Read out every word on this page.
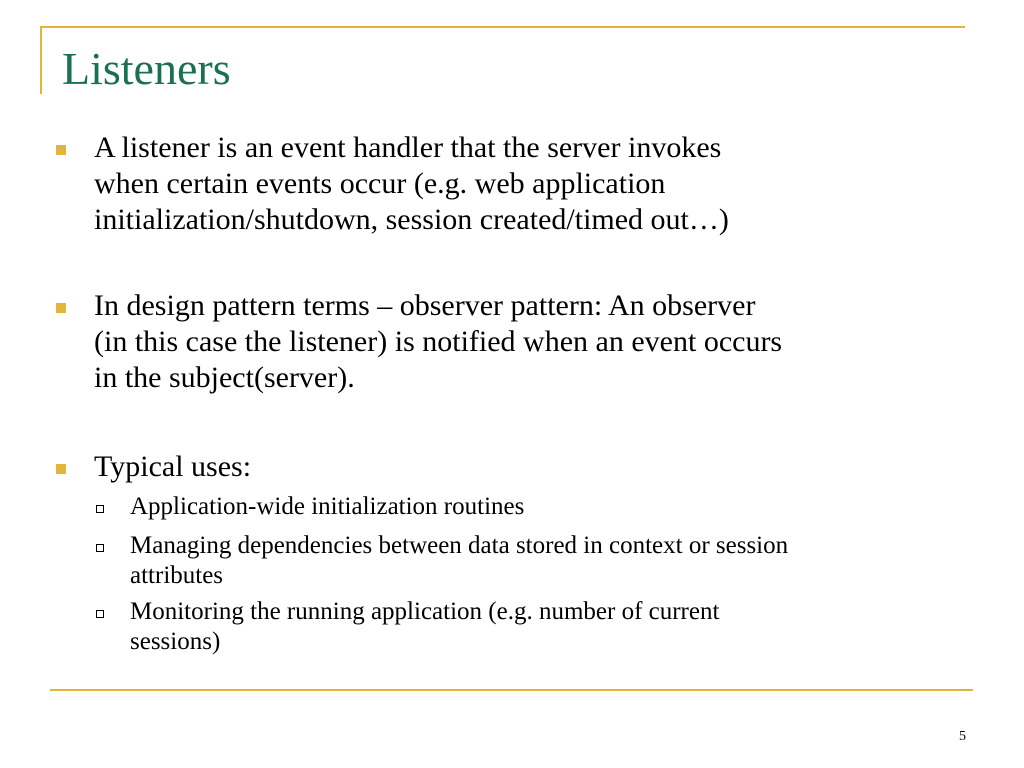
Listeners
A listener is an event handler that the server invokes
when certain events occur (e.g. web application
initialization/shutdown, session created/timed out…)
In design pattern terms – observer pattern: An observer
(in this case the listener) is notified when an event occurs
in the subject(server).
Typical uses:
Application-wide initialization routines
Managing dependencies between data stored in context or session
attributes
Monitoring the running application (e.g. number of current
sessions)
5
